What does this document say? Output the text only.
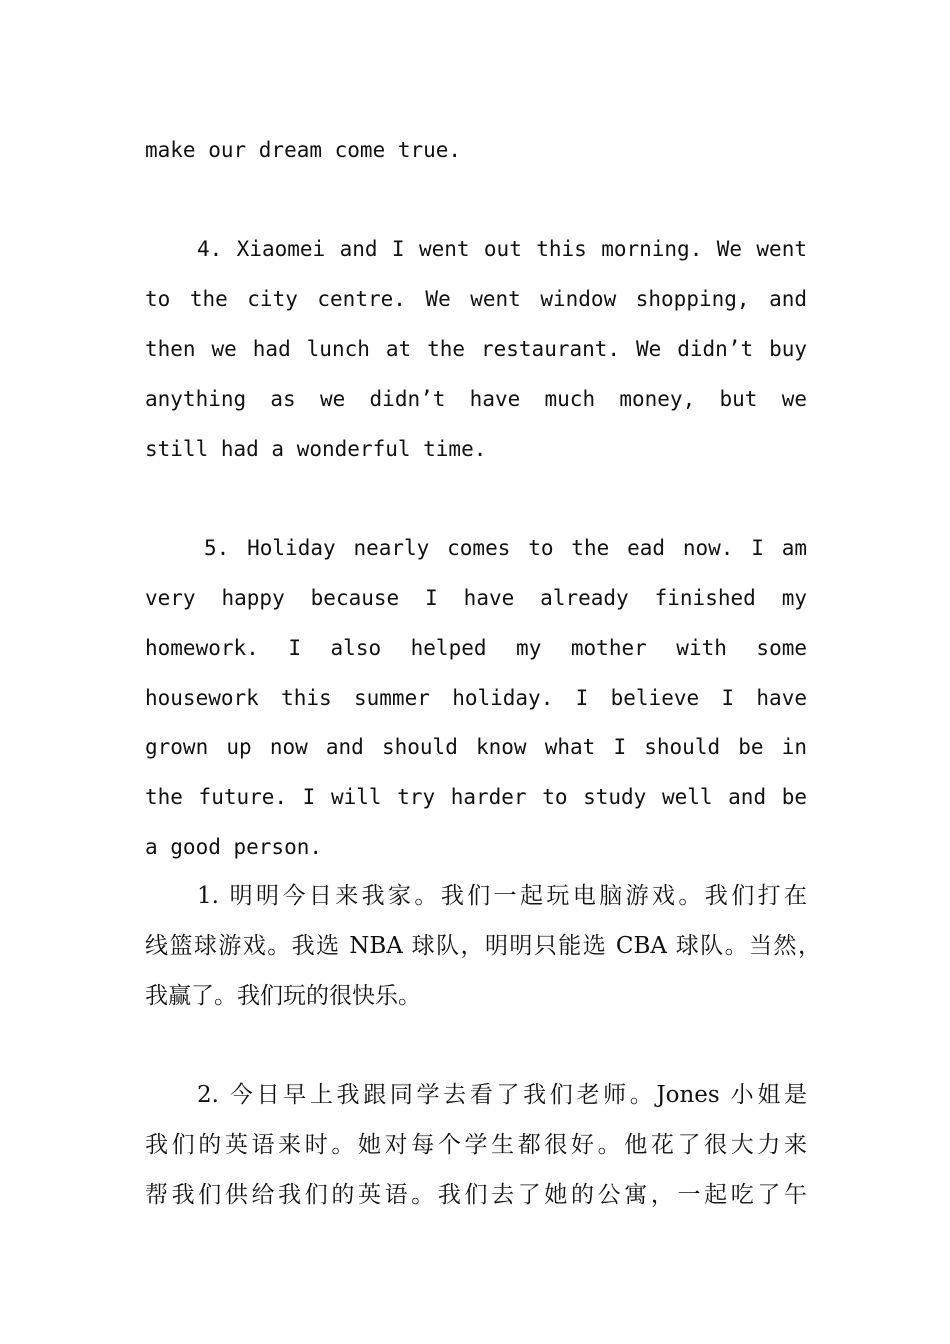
make our dream come true.

4. Xiaomei and I went out this morning. We went

to the city centre. We went window shopping, and

then we had lunch at the restaurant. We didn’t buy

anything as we didn’t have much money, but we

still had a wonderful time.

5. Holiday nearly comes to the ead now. I am

very happy because I have already finished my

homework. I also helped my mother with some

housework this summer holiday. I believe I have

grown up now and should know what I should be in

the future. I will try harder to study well and be

a good person.

1. 明明今日来我家。我们一起玩电脑游戏。我们打在

线篮球游戏。我选 NBA 球队，明明只能选 CBA 球队。当然，

我赢了。我们玩的很快乐。

2. 今日早上我跟同学去看了我们老师。Jones 小姐是

我们的英语来时。她对每个学生都很好。他花了很大力来

帮我们供给我们的英语。我们去了她的公寓，一起吃了午
